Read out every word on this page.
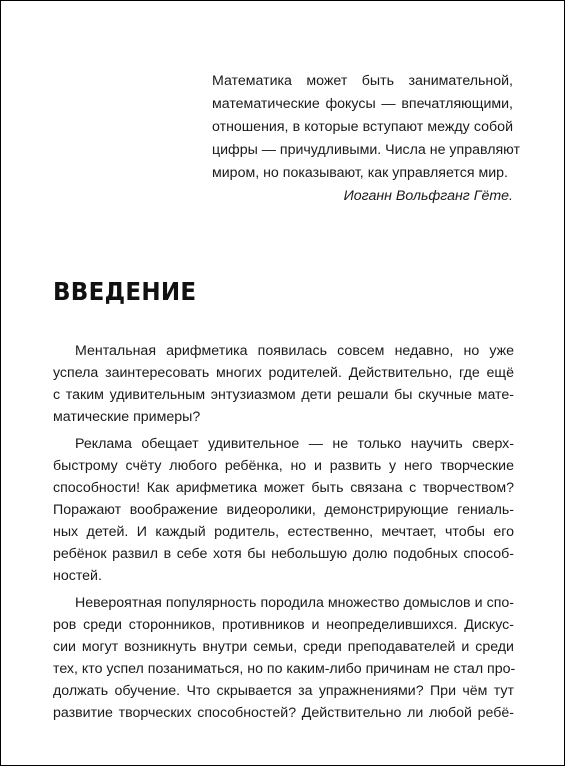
Математика может быть занимательной,
математические фокусы — впечатляющими,
отношения, в которые вступают между собой
цифры — причудливыми. Числа не управляют
миром, но показывают, как управляется мир.
Иоганн Вольфганг Гёте.
ВВЕДЕНИЕ

Ментальная арифметика появилась совсем недавно, но уже
успела заинтересовать многих родителей. Действительно, где ещё
с таким удивительным энтузиазмом дети решали бы скучные мате-
матические примеры?

Реклама обещает удивительное — не только научить сверх-
быстрому счёту любого ребёнка, но и развить у него творческие
способности! Как арифметика может быть связана с творчеством?
Поражают воображение видеоролики, демонстрирующие гениаль-
ных детей. И каждый родитель, естественно, мечтает, чтобы его
ребёнок развил в себе хотя бы небольшую долю подобных способ-
ностей.

Невероятная популярность породила множество домыслов и спо-
ров среди сторонников, противников и неопределившихся. Дискус-
сии могут возникнуть внутри семьи, среди преподавателей и среди
тех, кто успел позаниматься, но по каким-либо причинам не стал про-
должать обучение. Что скрывается за упражнениями? При чём тут
развитие творческих способностей? Действительно ли любой ребё-
